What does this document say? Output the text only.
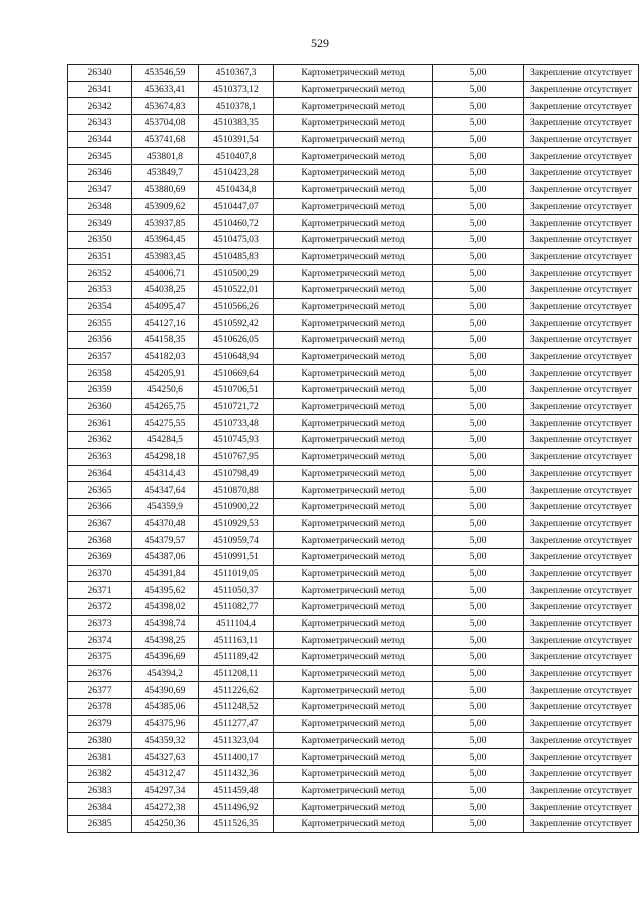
529
26340	453546,59	4510367,3	Картометрический метод	5,00	Закрепление отсутствует
26341	453633,41	4510373,12	Картометрический метод	5,00	Закрепление отсутствует
26342	453674,83	4510378,1	Картометрический метод	5,00	Закрепление отсутствует
26343	453704,08	4510383,35	Картометрический метод	5,00	Закрепление отсутствует
26344	453741,68	4510391,54	Картометрический метод	5,00	Закрепление отсутствует
26345	453801,8	4510407,8	Картометрический метод	5,00	Закрепление отсутствует
26346	453849,7	4510423,28	Картометрический метод	5,00	Закрепление отсутствует
26347	453880,69	4510434,8	Картометрический метод	5,00	Закрепление отсутствует
26348	453909,62	4510447,07	Картометрический метод	5,00	Закрепление отсутствует
26349	453937,85	4510460,72	Картометрический метод	5,00	Закрепление отсутствует
26350	453964,45	4510475,03	Картометрический метод	5,00	Закрепление отсутствует
26351	453983,45	4510485,83	Картометрический метод	5,00	Закрепление отсутствует
26352	454006,71	4510500,29	Картометрический метод	5,00	Закрепление отсутствует
26353	454038,25	4510522,01	Картометрический метод	5,00	Закрепление отсутствует
26354	454095,47	4510566,26	Картометрический метод	5,00	Закрепление отсутствует
26355	454127,16	4510592,42	Картометрический метод	5,00	Закрепление отсутствует
26356	454158,35	4510626,05	Картометрический метод	5,00	Закрепление отсутствует
26357	454182,03	4510648,94	Картометрический метод	5,00	Закрепление отсутствует
26358	454205,91	4510669,64	Картометрический метод	5,00	Закрепление отсутствует
26359	454250,6	4510706,51	Картометрический метод	5,00	Закрепление отсутствует
26360	454265,75	4510721,72	Картометрический метод	5,00	Закрепление отсутствует
26361	454275,55	4510733,48	Картометрический метод	5,00	Закрепление отсутствует
26362	454284,5	4510745,93	Картометрический метод	5,00	Закрепление отсутствует
26363	454298,18	4510767,95	Картометрический метод	5,00	Закрепление отсутствует
26364	454314,43	4510798,49	Картометрический метод	5,00	Закрепление отсутствует
26365	454347,64	4510870,88	Картометрический метод	5,00	Закрепление отсутствует
26366	454359,9	4510900,22	Картометрический метод	5,00	Закрепление отсутствует
26367	454370,48	4510929,53	Картометрический метод	5,00	Закрепление отсутствует
26368	454379,57	4510959,74	Картометрический метод	5,00	Закрепление отсутствует
26369	454387,06	4510991,51	Картометрический метод	5,00	Закрепление отсутствует
26370	454391,84	4511019,05	Картометрический метод	5,00	Закрепление отсутствует
26371	454395,62	4511050,37	Картометрический метод	5,00	Закрепление отсутствует
26372	454398,02	4511082,77	Картометрический метод	5,00	Закрепление отсутствует
26373	454398,74	4511104,4	Картометрический метод	5,00	Закрепление отсутствует
26374	454398,25	4511163,11	Картометрический метод	5,00	Закрепление отсутствует
26375	454396,69	4511189,42	Картометрический метод	5,00	Закрепление отсутствует
26376	454394,2	4511208,11	Картометрический метод	5,00	Закрепление отсутствует
26377	454390,69	4511226,62	Картометрический метод	5,00	Закрепление отсутствует
26378	454385,06	4511248,52	Картометрический метод	5,00	Закрепление отсутствует
26379	454375,96	4511277,47	Картометрический метод	5,00	Закрепление отсутствует
26380	454359,32	4511323,04	Картометрический метод	5,00	Закрепление отсутствует
26381	454327,63	4511400,17	Картометрический метод	5,00	Закрепление отсутствует
26382	454312,47	4511432,36	Картометрический метод	5,00	Закрепление отсутствует
26383	454297,34	4511459,48	Картометрический метод	5,00	Закрепление отсутствует
26384	454272,38	4511496,92	Картометрический метод	5,00	Закрепление отсутствует
26385	454250,36	4511526,35	Картометрический метод	5,00	Закрепление отсутствует
